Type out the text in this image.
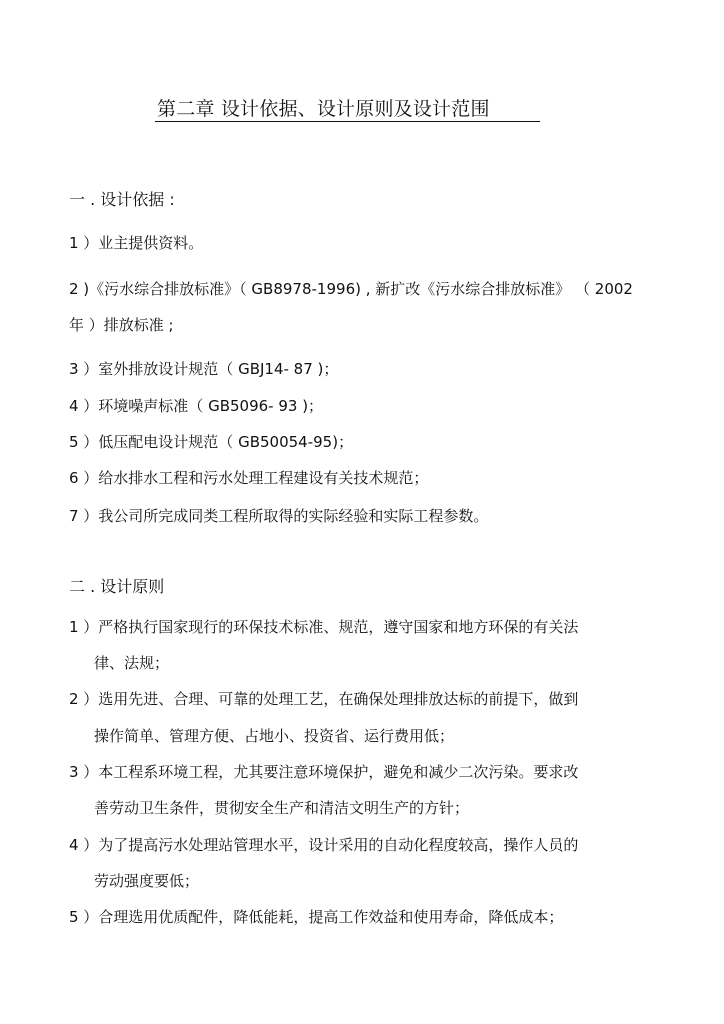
第二章 设计依据、设计原则及设计范围
一 . 设计依据 :
1 ）业主提供资料。
2 )《污水综合排放标准》（ GB8978-1996) , 新扩改《污水综合排放标准》 （ 2002
年 ）排放标准 ;
3 ）室外排放设计规范（ GBJ14- 87 )；
4 ）环境噪声标准（ GB5096- 93 )；
5 ）低压配电设计规范（ GB50054-95)；
6 ）给水排水工程和污水处理工程建设有关技术规范；
7 ）我公司所完成同类工程所取得的实际经验和实际工程参数。
二 . 设计原则
1 ）严格执行国家现行的环保技术标准、规范，遵守国家和地方环保的有关法
律、法规；
2 ）选用先进、合理、可靠的处理工艺，在确保处理排放达标的前提下，做到
操作简单、管理方便、占地小、投资省、运行费用低；
3 ）本工程系环境工程，尤其要注意环境保护，避免和减少二次污染。要求改
善劳动卫生条件，贯彻安全生产和清洁文明生产的方针；
4 ）为了提高污水处理站管理水平，设计采用的自动化程度较高，操作人员的
劳动强度要低；
5 ）合理选用优质配件，降低能耗，提高工作效益和使用寿命，降低成本；
